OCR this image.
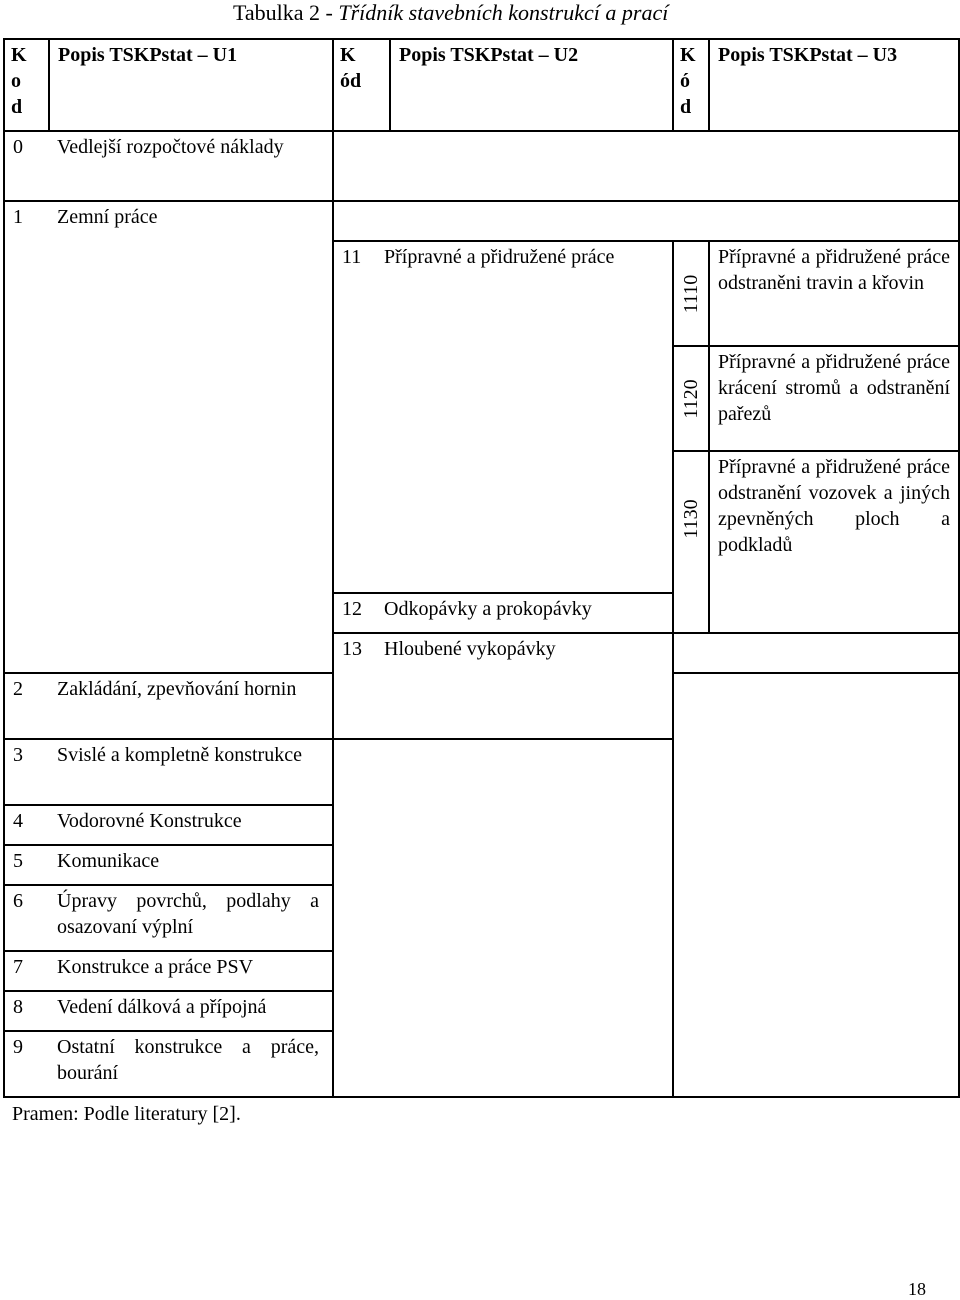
Tabulka 2 - Třídník stavebních konstrukcí a prací
K o d	Popis TSKPstat – U1	K ód	Popis TSKPstat – U2	K ó d	Popis TSKPstat – U3

0 Vedlejší rozpočtové náklady					

1 Zemní práce					

		11 Přípravné a přidružené práce		1110	Přípravné a přidružené práce odstraněni travin a křovin

				1120	Přípravné a přidružené práce krácení stromů a odstranění pařezů

				1130	Přípravné a přidružené práce odstranění vozovek a jiných zpevněných ploch a podkladů

		12 Odkopávky a prokopávky			

		13 Hloubené vykopávky			

2 Zakládání, zpevňování hornin					

3 Svislé a kompletně konstrukce					

4 Vodorovné Konstrukce					

5 Komunikace					

6 Úpravy povrchů, podlahy a osazovaní výplní					

7 Konstrukce a práce PSV					

8 Vedení dálková a přípojná					

9 Ostatní konstrukce a práce, bourání					
Pramen: Podle literatury [2].
18
